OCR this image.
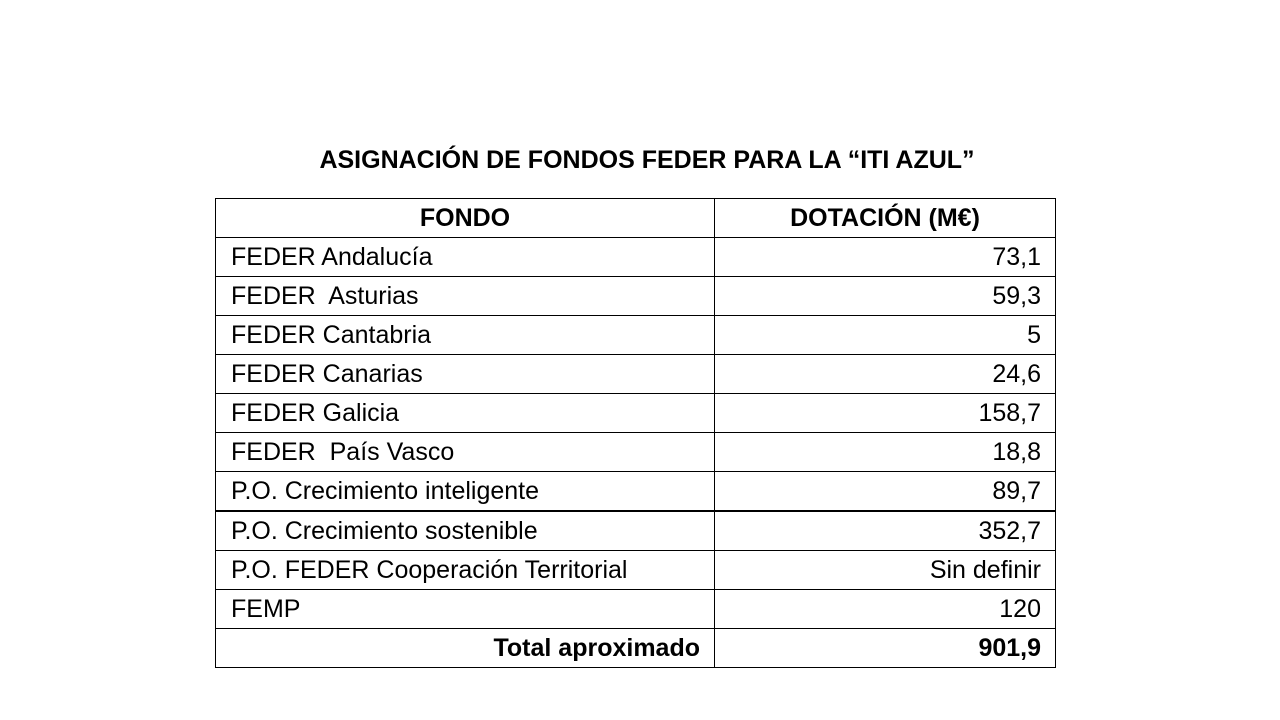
ASIGNACIÓN DE FONDOS FEDER PARA LA “ITI AZUL”
FONDO	DOTACIÓN (M€)
FEDER Andalucía	73,1
FEDER  Asturias	59,3
FEDER Cantabria	5
FEDER Canarias	24,6
FEDER Galicia	158,7
FEDER  País Vasco	18,8
P.O. Crecimiento inteligente	89,7
P.O. Crecimiento sostenible	352,7
P.O. FEDER Cooperación Territorial	Sin definir
FEMP	120
Total aproximado	901,9
